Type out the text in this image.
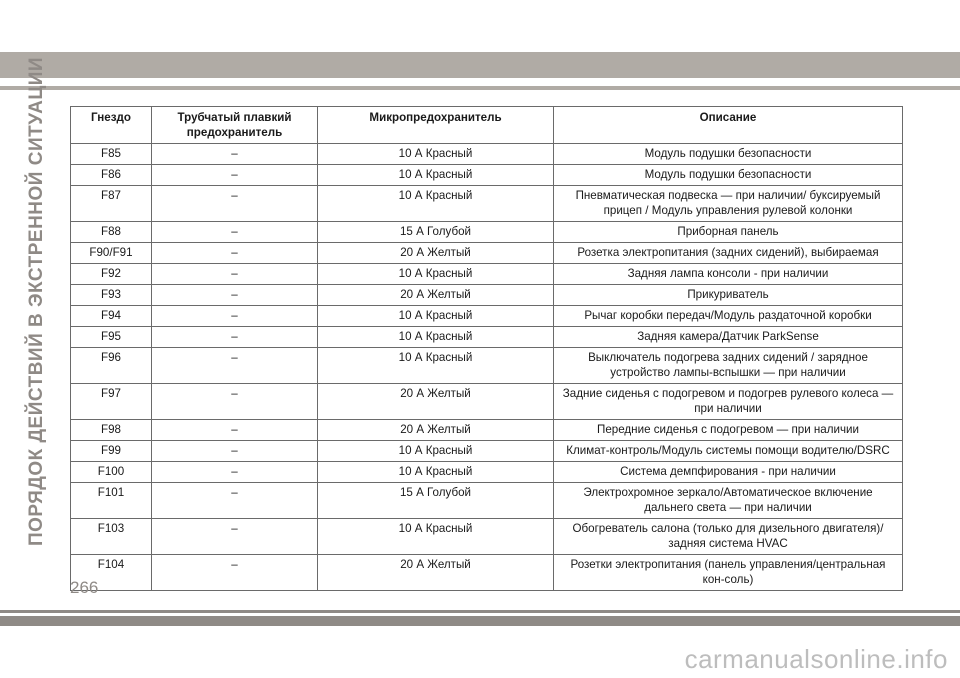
ПОРЯДОК ДЕЙСТВИЙ В ЭКСТРЕННОЙ СИТУАЦИИ	Гнездо	Трубчатый плавкий предохранитель	Микропредохранитель	Описание
F85	–	10 А Красный	Модуль подушки безопасности
F86	–	10 А Красный	Модуль подушки безопасности
F87	–	10 А Красный	Пневматическая подвеска — при наличии/ буксируемый прицеп / Модуль управления рулевой колонки
F88	–	15 А Голубой	Приборная панель
F90/F91	–	20 А Желтый	Розетка электропитания (задних сидений), выбираемая
F92	–	10 А Красный	Задняя лампа консоли - при наличии
F93	–	20 А Желтый	Прикуриватель
F94	–	10 А Красный	Рычаг коробки передач/Модуль раздаточной коробки
F95	–	10 А Красный	Задняя камера/Датчик ParkSense
F96	–	10 А Красный	Выключатель подогрева задних сидений / зарядное устройство лампы-вспышки — при наличии
F97	–	20 А Желтый	Задние сиденья с подогревом и подогрев рулевого колеса — при наличии
F98	–	20 А Желтый	Передние сиденья с подогревом — при наличии
F99	–	10 А Красный	Климат-контроль/Модуль системы помощи водителю/DSRC
F100	–	10 А Красный	Система демпфирования - при наличии
F101	–	15 А Голубой	Электрохромное зеркало/Автоматическое включение дальнего света — при наличии
F103	–	10 А Красный	Обогреватель салона (только для дизельного двигателя)/задняя система HVAC
F104	–	20 А Желтый	Розетки электропитания (панель управления/центральная кон-соль)
266
carmanualsonline.info
